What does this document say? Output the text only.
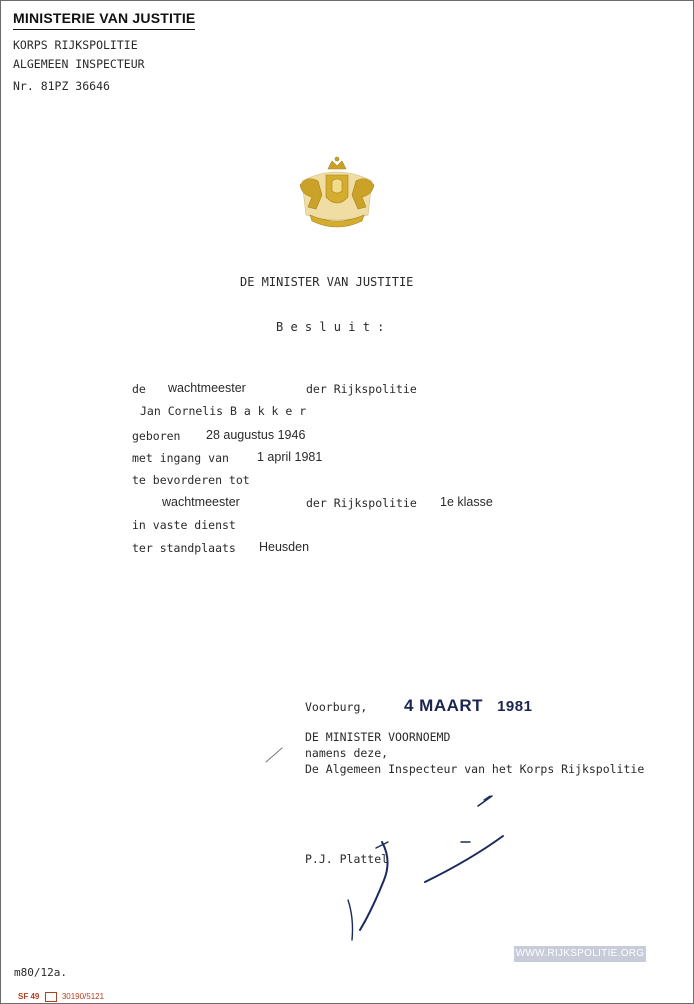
MINISTERIE VAN JUSTITIE
KORPS RIJKSPOLITIE
ALGEMEEN INSPECTEUR
Nr. 81PZ 36646
DE MINISTER VAN JUSTITIE
B e s l u i t :
de wachtmeester	der Rijkspolitie
Jan Cornelis B a k k e r
geboren 28 augustus 1946
met ingang van 1 april 1981
te bevorderen tot
wachtmeester	der Rijkspolitie 1e klasse
in vaste dienst
ter standplaats Heusden
Voorburg, 4 MAART 1981
DE MINISTER VOORNOEMD
namens deze,
De Algemeen Inspecteur van het Korps Rijkspolitie
P.J. Plattel
m80/12a.
SF 49	30190/5121
WWW.RIJKSPOLITIE.ORG
